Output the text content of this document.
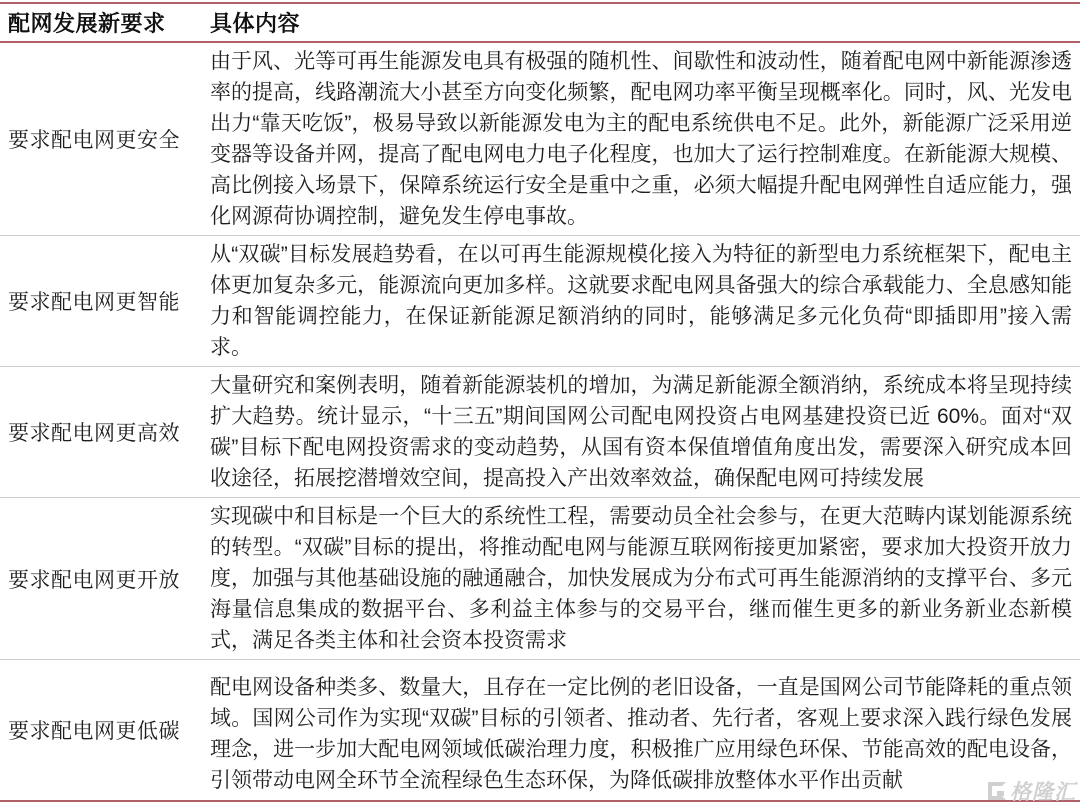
配网发展新要求	具体内容
要求配电网更安全
由于风、光等可再生能源发电具有极强的随机性、间歇性和波动性，随着配电网中新能源渗透率的提高，线路潮流大小甚至方向变化频繁，配电网功率平衡呈现概率化。同时，风、光发电出力“靠天吃饭”，极易导致以新能源发电为主的配电系统供电不足。此外，新能源广泛采用逆变器等设备并网，提高了配电网电力电子化程度，也加大了运行控制难度。在新能源大规模、高比例接入场景下，保障系统运行安全是重中之重，必须大幅提升配电网弹性自适应能力，强化网源荷协调控制，避免发生停电事故。
要求配电网更智能
从“双碳”目标发展趋势看，在以可再生能源规模化接入为特征的新型电力系统框架下，配电主体更加复杂多元，能源流向更加多样。这就要求配电网具备强大的综合承载能力、全息感知能力和智能调控能力，在保证新能源足额消纳的同时，能够满足多元化负荷“即插即用”接入需求。
要求配电网更高效
大量研究和案例表明，随着新能源装机的增加，为满足新能源全额消纳，系统成本将呈现持续扩大趋势。统计显示，“十三五”期间国网公司配电网投资占电网基建投资已近 60%。面对“双碳”目标下配电网投资需求的变动趋势，从国有资本保值增值角度出发，需要深入研究成本回收途径，拓展挖潜增效空间，提高投入产出效率效益，确保配电网可持续发展
要求配电网更开放
实现碳中和目标是一个巨大的系统性工程，需要动员全社会参与，在更大范畴内谋划能源系统的转型。“双碳”目标的提出，将推动配电网与能源互联网衔接更加紧密，要求加大投资开放力度，加强与其他基础设施的融通融合，加快发展成为分布式可再生能源消纳的支撑平台、多元海量信息集成的数据平台、多利益主体参与的交易平台，继而催生更多的新业务新业态新模式，满足各类主体和社会资本投资需求
要求配电网更低碳
配电网设备种类多、数量大，且存在一定比例的老旧设备，一直是国网公司节能降耗的重点领域。国网公司作为实现“双碳”目标的引领者、推动者、先行者，客观上要求深入践行绿色发展理念，进一步加大配电网领域低碳治理力度，积极推广应用绿色环保、节能高效的配电设备，引领带动电网全环节全流程绿色生态环保，为降低碳排放整体水平作出贡献
格隆汇
